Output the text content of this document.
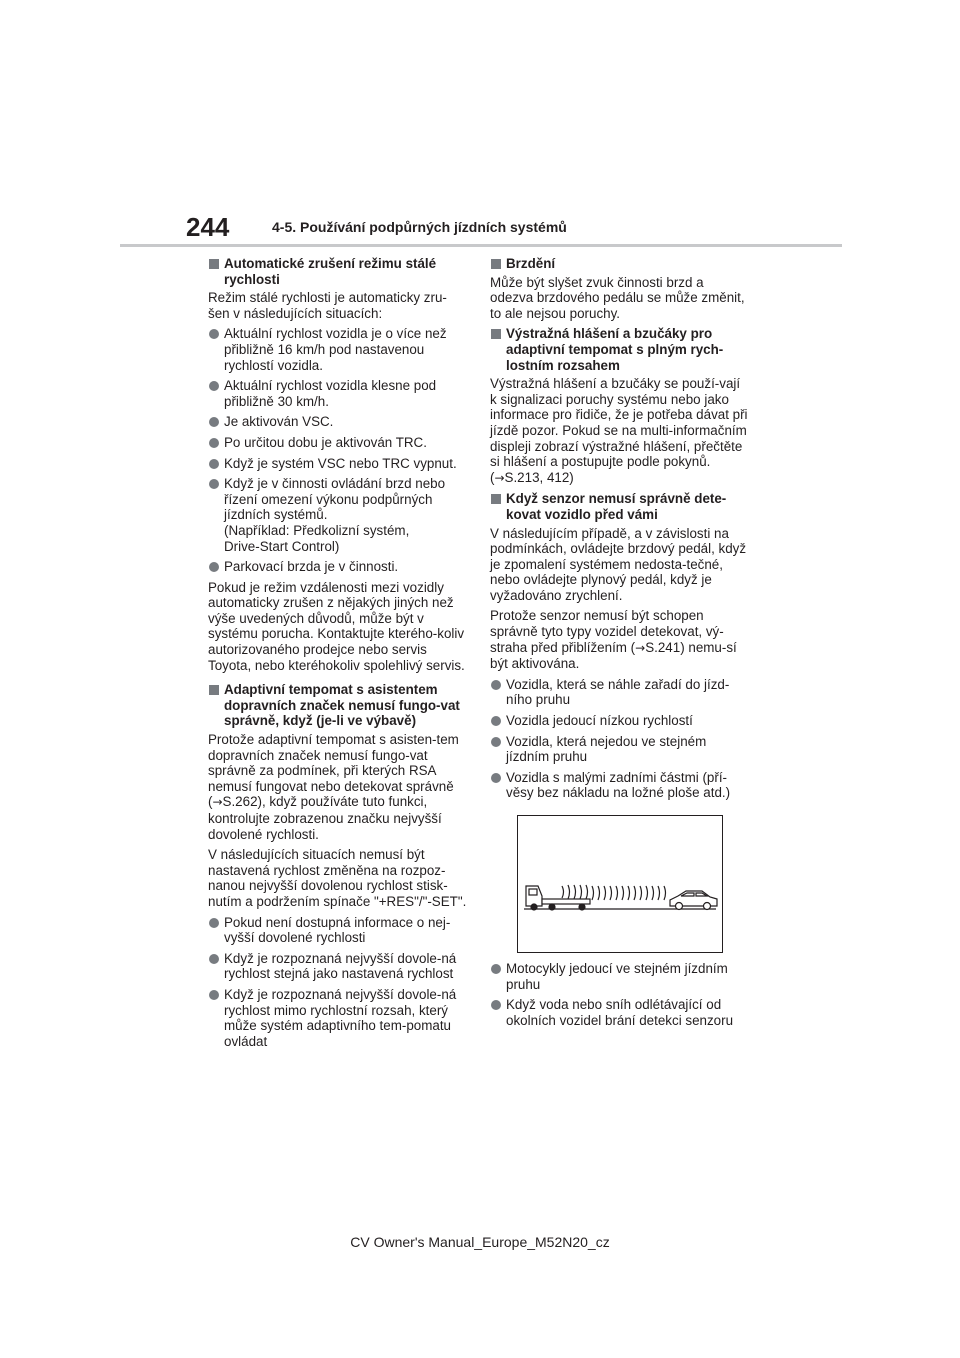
244	4-5. Používání podpůrných jízdních systémů
Automatické zrušení režimu stálé rychlosti
Režim stálé rychlosti je automaticky zru-šen v následujících situacích:
Aktuální rychlost vozidla je o více než přibližně 16 km/h pod nastavenou rychlostí vozidla.
Aktuální rychlost vozidla klesne pod přibližně 30 km/h.
Je aktivován VSC.
Po určitou dobu je aktivován TRC.
Když je systém VSC nebo TRC vypnut.
Když je v činnosti ovládání brzd nebo řízení omezení výkonu podpůrných jízdních systémů.
(Například: Předkolizní systém,
Drive-Start Control)
Parkovací brzda je v činnosti.
Pokud je režim vzdálenosti mezi vozidly automaticky zrušen z nějakých jiných než výše uvedených důvodů, může být v systému porucha. Kontaktujte kterého-koliv autorizovaného prodejce nebo servis Toyota, nebo kteréhokoliv spolehlivý servis.
Adaptivní tempomat s asistentem dopravních značek nemusí fungo-vat správně, když (je-li ve výbavě)
Protože adaptivní tempomat s asisten-tem dopravních značek nemusí fungo-vat správně za podmínek, při kterých RSA nemusí fungovat nebo detekovat správně (→S.262), když používáte tuto funkci, kontrolujte zobrazenou značku nejvyšší dovolené rychlosti.
V následujících situacích nemusí být nastavená rychlost změněna na rozpoz-nanou nejvyšší dovolenou rychlost stisk-nutím a podržením spínače "+RES"/"-SET".
Pokud není dostupná informace o nej-vyšší dovolené rychlosti
Když je rozpoznaná nejvyšší dovole-ná rychlost stejná jako nastavená rychlost
Když je rozpoznaná nejvyšší dovole-ná rychlost mimo rychlostní rozsah, který může systém adaptivního tem-pomatu ovládat
Brzdění
Může být slyšet zvuk činnosti brzd a odezva brzdového pedálu se může změnit, to ale nejsou poruchy.
Výstražná hlášení a bzučáky pro adaptivní tempomat s plným rych-lostním rozsahem
Výstražná hlášení a bzučáky se použí-vají k signalizaci poruchy systému nebo jako informace pro řidiče, že je potřeba dávat při jízdě pozor. Pokud se na multi-informačním displeji zobrazí výstražné hlášení, přečtěte si hlášení a postupujte podle pokynů. (→S.213, 412)
Když senzor nemusí správně dete-kovat vozidlo před vámi
V následujícím případě, a v závislosti na podmínkách, ovládejte brzdový pedál, když je zpomalení systémem nedosta-tečné, nebo ovládejte plynový pedál, když je vyžadováno zrychlení.
Protože senzor nemusí být schopen správně tyto typy vozidel detekovat, vý-straha před přiblížením (→S.241) nemu-sí být aktivována.
Vozidla, která se náhle zařadí do jízd-ního pruhu
Vozidla jedoucí nízkou rychlostí
Vozidla, která nejedou ve stejném jízdním pruhu
Vozidla s malými zadními částmi (pří-věsy bez nákladu na ložné ploše atd.)
Motocykly jedoucí ve stejném jízdním pruhu
Když voda nebo sníh odlétávající od okolních vozidel brání detekci senzoru
CV Owner's Manual_Europe_M52N20_cz
